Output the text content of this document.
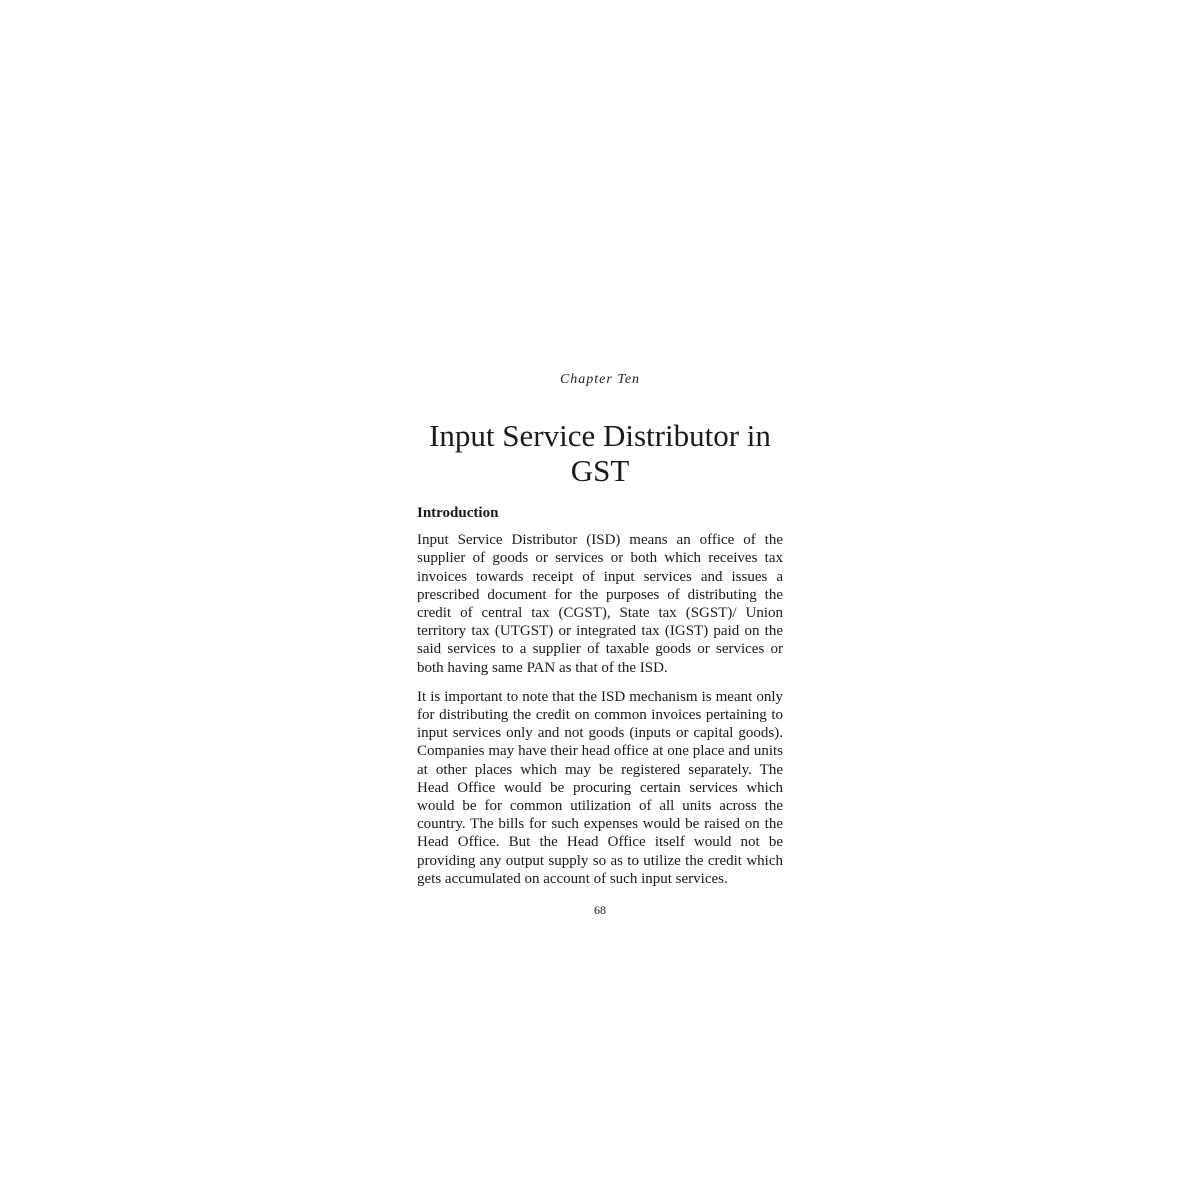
Chapter Ten
Input Service Distributor in GST
Introduction

Input Service Distributor (ISD) means an office of the supplier of goods or services or both which receives tax invoices towards receipt of input services and issues a prescribed document for the purposes of distributing the credit of central tax (CGST), State tax (SGST)/ Union territory tax (UTGST) or integrated tax (IGST) paid on the said services to a supplier of taxable goods or services or both having same PAN as that of the ISD.

It is important to note that the ISD mechanism is meant only for distributing the credit on common invoices pertaining to input services only and not goods (inputs or capital goods). Companies may have their head office at one place and units at other places which may be registered separately. The Head Office would be procuring certain services which would be for common utilization of all units across the country. The bills for such expenses would be raised on the Head Office. But the Head Office itself would not be providing any output supply so as to utilize the credit which gets accumulated on account of such input services.

68
